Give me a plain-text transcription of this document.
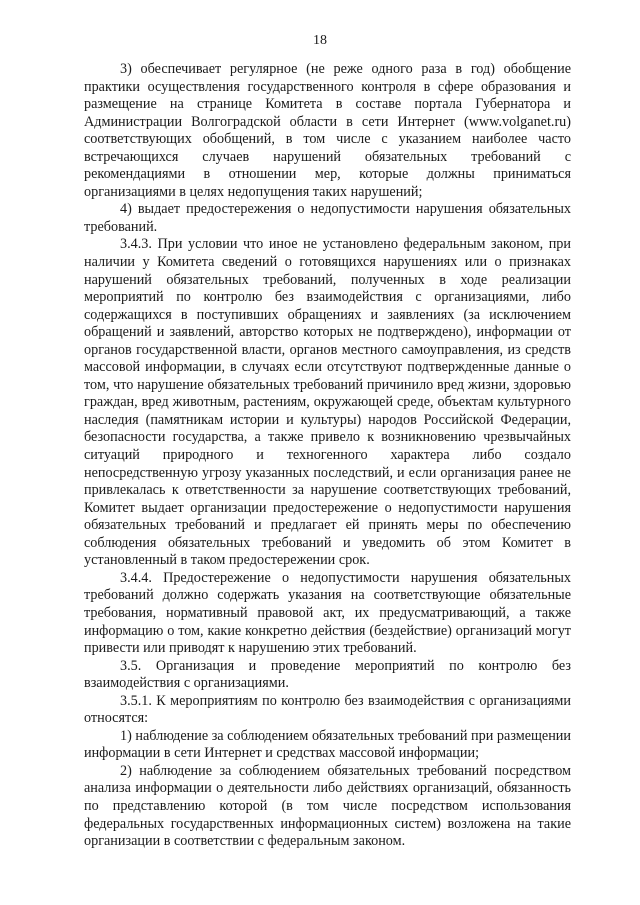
18

3) обеспечивает регулярное (не реже одного раза в год) обобщение практики осуществления государственного контроля в сфере образования и размещение на странице Комитета в составе портала Губернатора и Администрации Волгоградской области в сети Интернет (www.volganet.ru) соответствующих обобщений, в том числе с указанием наиболее часто встречающихся случаев нарушений обязательных требований с рекомендациями в отношении мер, которые должны приниматься организациями в целях недопущения таких нарушений;

4) выдает предостережения о недопустимости нарушения обязательных требований.

3.4.3. При условии что иное не установлено федеральным законом, при наличии у Комитета сведений о готовящихся нарушениях или о признаках нарушений обязательных требований, полученных в ходе реализации мероприятий по контролю без взаимодействия с организациями, либо содержащихся в поступивших обращениях и заявлениях (за исключением обращений и заявлений, авторство которых не подтверждено), информации от органов государственной власти, органов местного самоуправления, из средств массовой информации, в случаях если отсутствуют подтвержденные данные о том, что нарушение обязательных требований причинило вред жизни, здоровью граждан, вред животным, растениям, окружающей среде, объектам культурного наследия (памятникам истории и культуры) народов Российской Федерации, безопасности государства, а также привело к возникновению чрезвычайных ситуаций природного и техногенного характера либо создало непосредственную угрозу указанных последствий, и если организация ранее не привлекалась к ответственности за нарушение соответствующих требований, Комитет выдает организации предостережение о недопустимости нарушения обязательных требований и предлагает ей принять меры по обеспечению соблюдения обязательных требований и уведомить об этом Комитет в установленный в таком предостережении срок.

3.4.4. Предостережение о недопустимости нарушения обязательных требований должно содержать указания на соответствующие обязательные требования, нормативный правовой акт, их предусматривающий, а также информацию о том, какие конкретно действия (бездействие) организаций могут привести или приводят к нарушению этих требований.

3.5. Организация и проведение мероприятий по контролю без взаимодействия с организациями.

3.5.1. К мероприятиям по контролю без взаимодействия с организациями относятся:

1) наблюдение за соблюдением обязательных требований при размещении информации в сети Интернет и средствах массовой информации;

2) наблюдение за соблюдением обязательных требований посредством анализа информации о деятельности либо действиях организаций, обязанность по представлению которой (в том числе посредством использования федеральных государственных информационных систем) возложена на такие организации в соответствии с федеральным законом.
